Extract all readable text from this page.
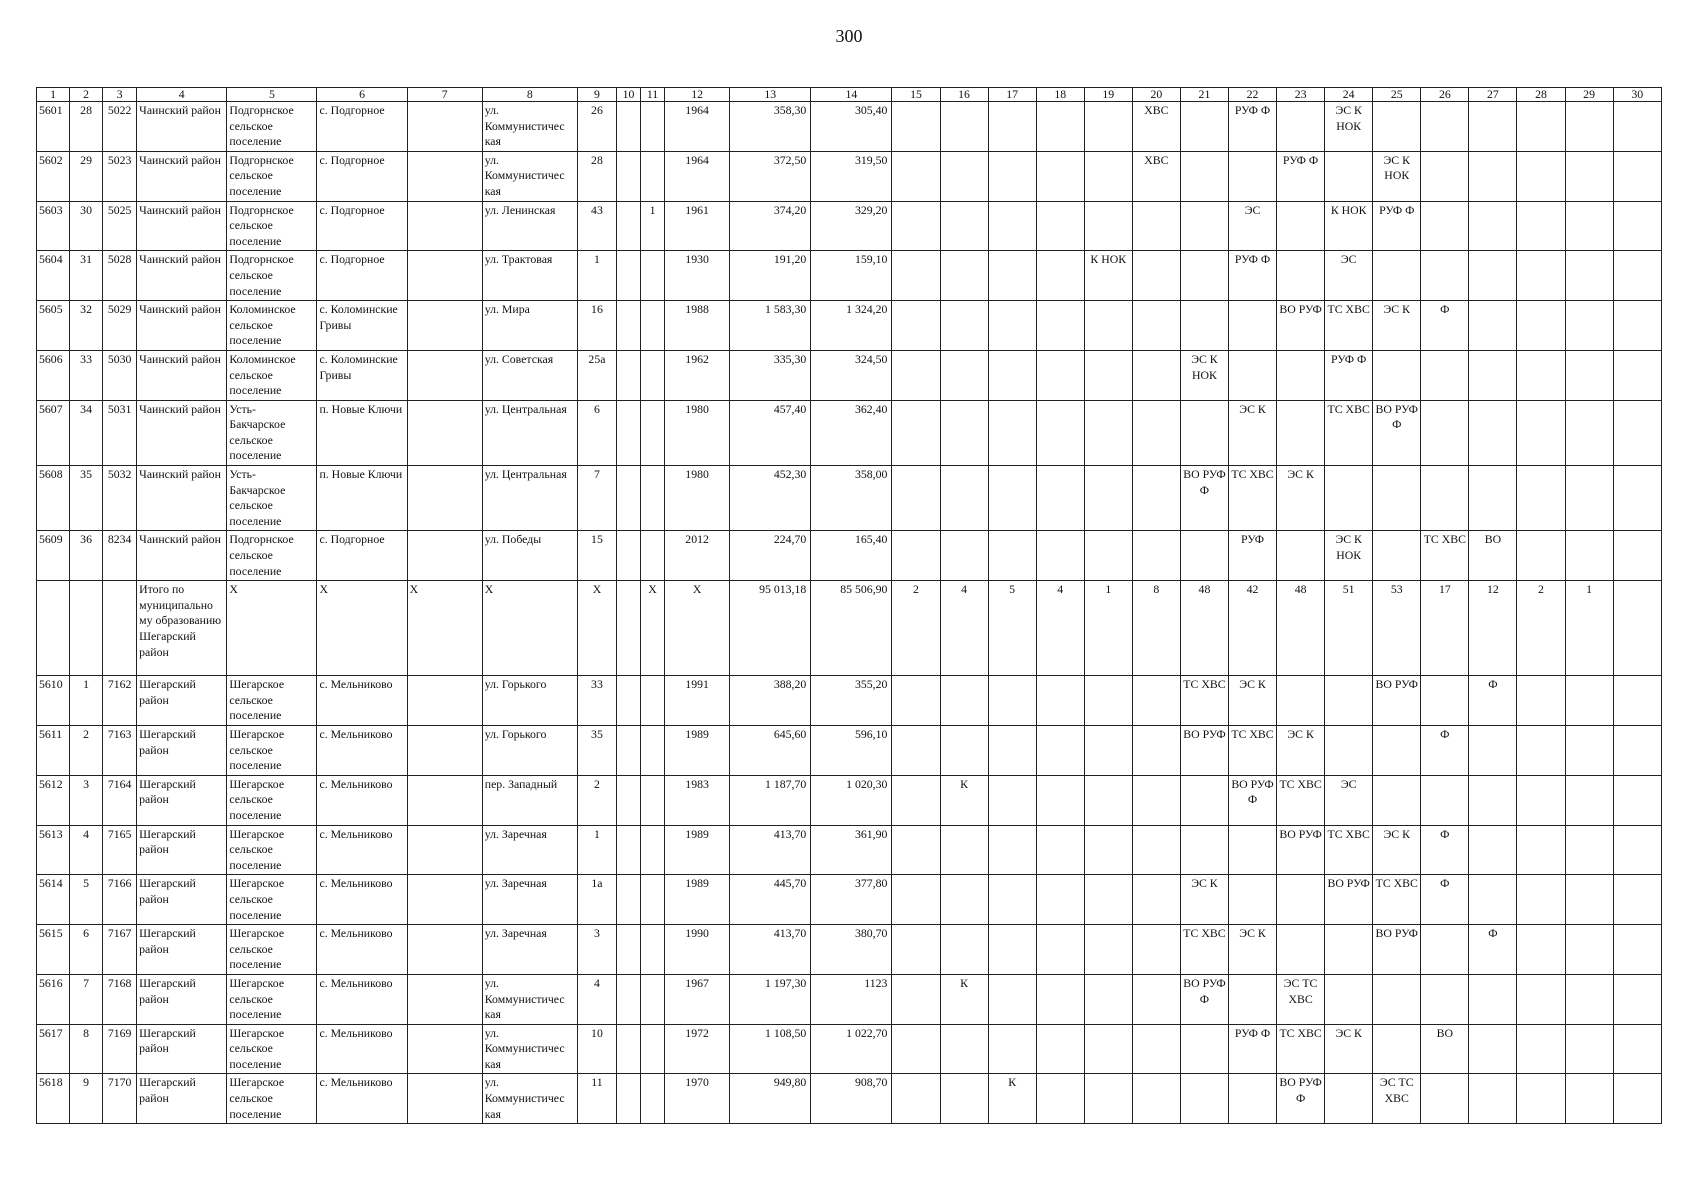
300
1	2	3	4	5	6	7	8	9	10	11	12	13	14	15	16	17	18	19	20	21	22	23	24	25	26	27	28	29	30
5601	28	5022	Чаинский район	Подгорнское сельское поселение	с. Подгорное		ул. Коммунистичес кая	26			1964	358,30	305,40						ХВС		РУФ Ф		ЭС К НОК						
5602	29	5023	Чаинский район	Подгорнское сельское поселение	с. Подгорное		ул. Коммунистичес кая	28			1964	372,50	319,50						ХВС			РУФ Ф		ЭС К НОК					
5603	30	5025	Чаинский район	Подгорнское сельское поселение	с. Подгорное		ул. Ленинская	43		1	1961	374,20	329,20								ЭС		К НОК	РУФ Ф					
5604	31	5028	Чаинский район	Подгорнское сельское поселение	с. Подгорное		ул. Трактовая	1			1930	191,20	159,10					К НОК			РУФ Ф		ЭС						
5605	32	5029	Чаинский район	Коломинское сельское поселение	с. Коломинские Гривы		ул. Мира	16			1988	1 583,30	1 324,20									ВО РУФ	ТС ХВС	ЭС К	Ф				
5606	33	5030	Чаинский район	Коломинское сельское поселение	с. Коломинские Гривы		ул. Советская	25а			1962	335,30	324,50							ЭС К НОК			РУФ Ф						
5607	34	5031	Чаинский район	Усть- Бакчарское сельское поселение	п. Новые Ключи		ул. Центральная	6			1980	457,40	362,40								ЭС К		ТС ХВС	ВО РУФ Ф					
5608	35	5032	Чаинский район	Усть- Бакчарское сельское поселение	п. Новые Ключи		ул. Центральная	7			1980	452,30	358,00							ВО РУФ Ф	ТС ХВС	ЭС К							
5609	36	8234	Чаинский район	Подгорнское сельское поселение	с. Подгорное		ул. Победы	15			2012	224,70	165,40								РУФ		ЭС К НОК		ТС ХВС	ВО			
			Итого по муниципально му образованию Шегарский район	Х	Х	Х	Х	Х		Х	Х	95 013,18	85 506,90	2	4	5	4	1	8	48	42	48	51	53	17	12	2	1	
5610	1	7162	Шегарский район	Шегарское сельское поселение	с. Мельниково		ул. Горького	33			1991	388,20	355,20							ТС ХВС	ЭС К			ВО РУФ		Ф			
5611	2	7163	Шегарский район	Шегарское сельское поселение	с. Мельниково		ул. Горького	35			1989	645,60	596,10							ВО РУФ	ТС ХВС	ЭС К			Ф				
5612	3	7164	Шегарский район	Шегарское сельское поселение	с. Мельниково		пер. Западный	2			1983	1 187,70	1 020,30		К						ВО РУФ Ф	ТС ХВС	ЭС						
5613	4	7165	Шегарский район	Шегарское сельское поселение	с. Мельниково		ул. Заречная	1			1989	413,70	361,90									ВО РУФ	ТС ХВС	ЭС К	Ф				
5614	5	7166	Шегарский район	Шегарское сельское поселение	с. Мельниково		ул. Заречная	1а			1989	445,70	377,80							ЭС К			ВО РУФ	ТС ХВС	Ф				
5615	6	7167	Шегарский район	Шегарское сельское поселение	с. Мельниково		ул. Заречная	3			1990	413,70	380,70							ТС ХВС	ЭС К			ВО РУФ		Ф			
5616	7	7168	Шегарский район	Шегарское сельское поселение	с. Мельниково		ул. Коммунистичес кая	4			1967	1 197,30	1123		К					ВО РУФ Ф		ЭС ТС ХВС							
5617	8	7169	Шегарский район	Шегарское сельское поселение	с. Мельниково		ул. Коммунистичес кая	10			1972	1 108,50	1 022,70								РУФ Ф	ТС ХВС	ЭС К		ВО				
5618	9	7170	Шегарский район	Шегарское сельское поселение	с. Мельниково		ул. Коммунистичес кая	11			1970	949,80	908,70			К						ВО РУФ Ф		ЭС ТС ХВС					
